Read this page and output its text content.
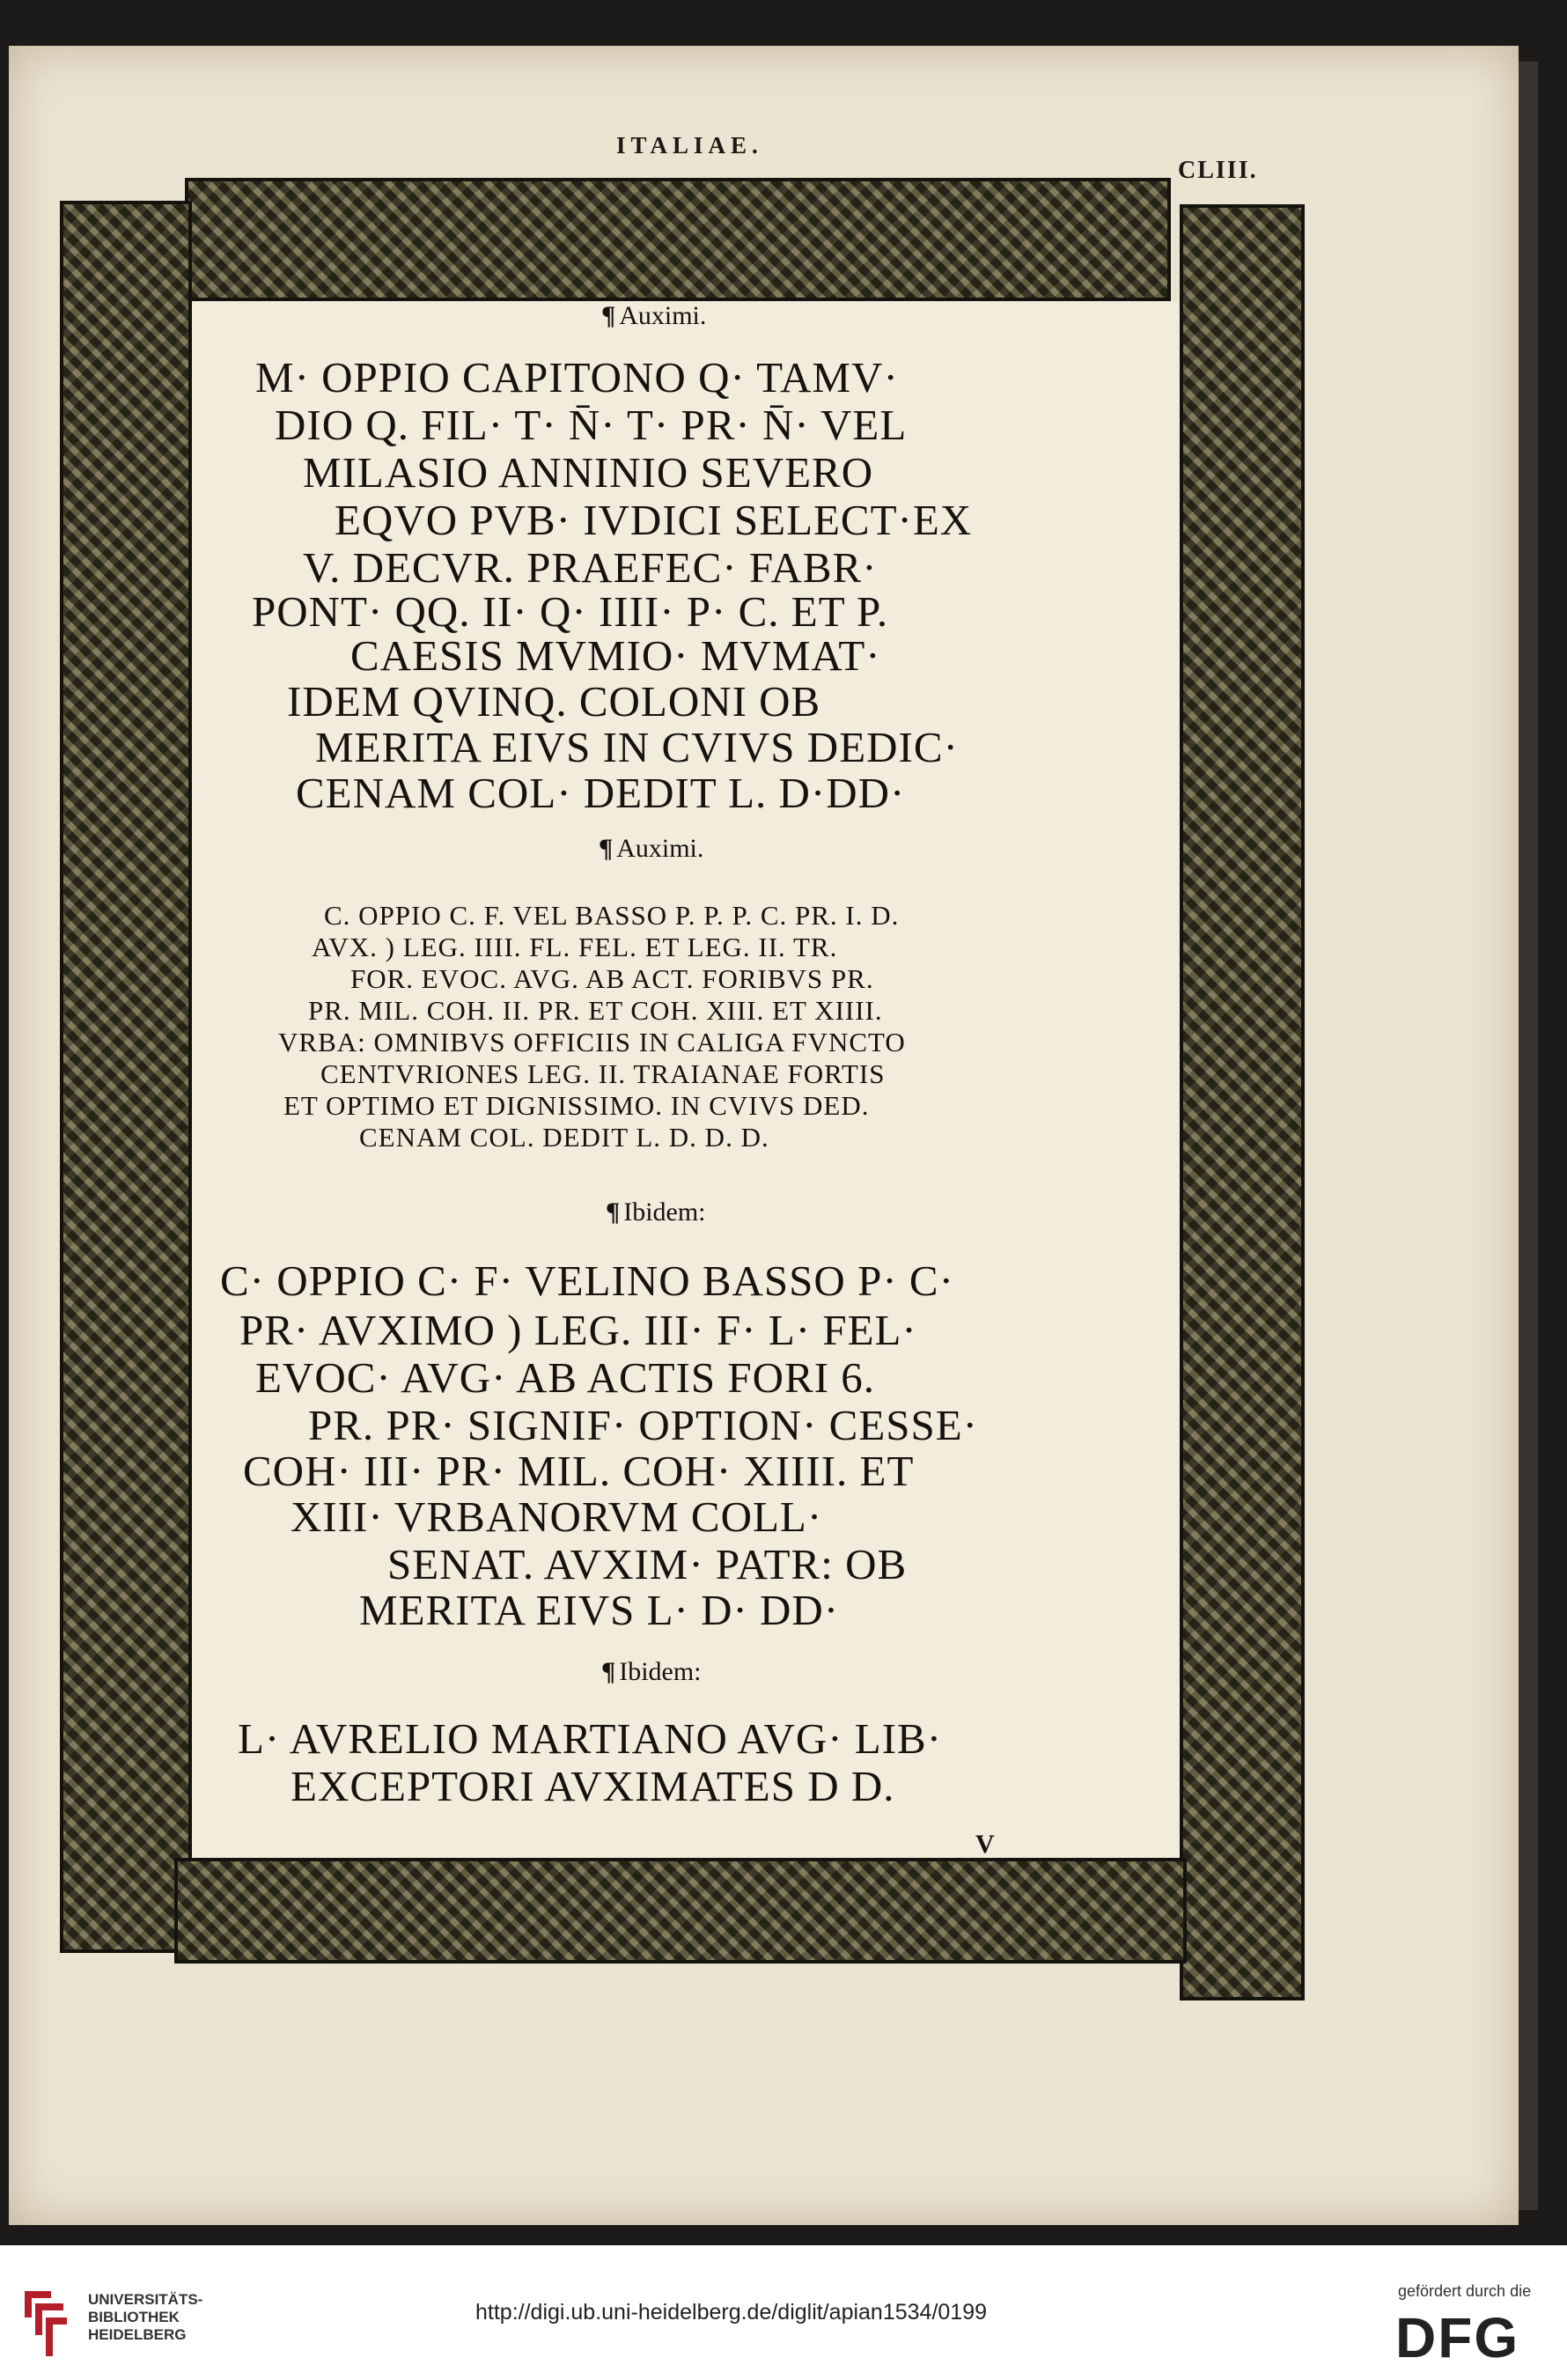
ITALIAE.
CLIII.
¶ Auximi.
M· OPPIO CAPITONO Q· TAMV·
DIO Q. FIL· T· N̄· T· PR· N̄· VEL
MILASIO ANNINIO SEVERO
EQVO PVB· IVDICI SELECT·EX
V. DECVR. PRAEFEC· FABR·
PONT· QQ. II· Q· IIII· P· C. ET P.
CAESIS MVMIO· MVMAT·
IDEM QVINQ. COLONI OB
MERITA EIVS IN CVIVS DEDIC·
CENAM COL· DEDIT L. D·DD·
¶ Auximi.
C. OPPIO C. F. VEL BASSO P. P. P. C. PR. I. D.
AVX. ) LEG. IIII. FL. FEL. ET LEG. II. TR.
FOR. EVOC. AVG. AB ACT. FORIBVS PR.
PR. MIL. COH. II. PR. ET COH. XIII. ET XIIII.
VRBA: OMNIBVS OFFICIIS IN CALIGA FVNCTO
CENTVRIONES LEG. II. TRAIANAE FORTIS
ET OPTIMO ET DIGNISSIMO. IN CVIVS DED.
CENAM COL. DEDIT L. D. D. D.
¶ Ibidem:
C· OPPIO C· F· VELINO BASSO P· C·
PR· AVXIMO ) LEG. III· F· L· FEL·
EVOC· AVG· AB ACTIS FORI 6.
PR. PR· SIGNIF· OPTION· CESSE·
COH· III· PR· MIL. COH· XIIII. ET
XIII· VRBANORVM COLL·
SENAT. AVXIM· PATR: OB
MERITA EIVS L· D· DD·
¶ Ibidem:
L· AVRELIO MARTIANO AVG· LIB·
EXCEPTORI AVXIMATES D D.
V
UNIVERSITÄTS-
BIBLIOTHEK
HEIDELBERG
http://digi.ub.uni-heidelberg.de/diglit/apian1534/0199
gefördert durch die
DFG
